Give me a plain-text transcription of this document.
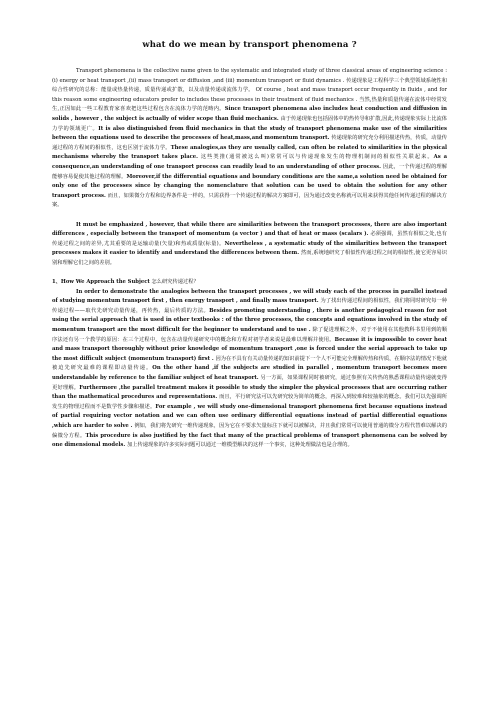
what do we mean by transport phenomena ?

Transport phenomena is the collective name given to the systematic and integrated study of three classical areas of engineering science : (i) energy or heat transport ,(ii) mass transport or diffusion ,and (iii) momentum transport or fluid dynamics . 传递现象是工程科学三个典型领域系统性和综合性研究的总称：能量或热量传递，质量传递或扩散，以及动量传递或流体力学。 Of course , heat and mass transport occur frequently in fluids , and for this reason some engineering educators prefer to includes these processes in their treatment of fluid mechanics . 当然,热量和质量传递在流体中经常发生,正因如此一些工程教育家喜欢把这些过程包含在流体力学的范畴内。Since transport phenomena also includes heat conduction and diffusion in solids , however , the subject is actually of wider scope than fluid mechanics. 由于传递现象也包括固体中的热传导和扩散,因此,传递现象实际上比流体力学的领域更广。It is also distinguished from fluid mechanics in that the study of transport phenomena make use of the similarities between the equations used to describe the processes of heat,mass,and momentum transport. 传递现象的研究充分利用描述传热，传质，动量传递过程的方程间的相似性，这也区别于流体力学。These analogies,as they are usually called, can often be related to similarities in the physical mechanisms whereby the transport takes place. 这些类推(通常被这么叫)常常可以与传递现象发生的物理机制间的相似性关联起来。As a consequence,an understanding of one transport process can readily lead to an understanding of other process. 因此，一个传递过程的理解能够容易促使其他过程的理解。Moreover,if the differential equations and boundary conditions are the same,a solution need be obtained for only one of the processes since by changing the nomenclature that solution can be used to obtain the solution for any other transport process. 而且，如果微分方程和边界条件是一样的，只需获得一个传递过程的解决方案即可，因为通过改变名称就可以用来获得其他任何传递过程的解决方案。

It must be emphasized , however, that while there are similarities between the transport processes, there are also important differences , especially between the transport of momentum (a vector ) and that of heat or mass (scalars ). 必须强调，虽然有相似之处,也有传递过程之间的差异,尤其重要的是运输动量(矢量)和热或质量(标量)。Nevertheless , a systematic study of the similarities between the transport processes makes it easier to identify and understand the differences between them. 然而,系统地研究了相似性传递过程之间的相似性,使它更容易识别和理解它们之间的差别。

1、How We Approach the Subject 怎么研究传递过程？

In order to demonstrate the analogies between the transport processes , we will study each of the process in parallel instead of studying momentum transport first , then energy transport , and finally mass transport. 为了找出传递过程间的相似性，我们将同时研究每一种传递过程——取代先研究动量传递，再传热，最后传质的方法。Besides promoting understanding , there is another pedagogical reason for not using the serial approach that is used in other textbooks : of the three processes, the concepts and equations involved in the study of momentum transport are the most difficult for the beginner to understand and to use . 除了促进理解之外，对于不使用在其他教科书里用到的顺序法还有另一个教学的原因：在三个过程中，包含在动量传递研究中的概念和方程对初学者来说是最难以理解并使用。Because it is impossible to cover heat and mass transport thoroughly without prior knowledge of momentum transport ,one is forced under the serial approach to take up the most difficult subject (momentum transport) first . 因为在不具有有关动量传递的知识前提下一个人不可能完全理解传热和传质，在顺序法的情况下他就被迫先研究最难的课程即动量传递。On the other hand ,if the subjects are studied in parallel , momentum transport becomes more understandable by reference to the familiar subject of heat transport. 另一方面，如果课程同时被研究，通过参照有关传热的熟悉课程动量传递就变得更好理解。Furthermore ,the parallel treatment makes it possible to study the simpler the physical processes that are occurring rather than the mathematical procedures and representations. 而且，平行研究法可以先研究较为简单的概念，再深入到较难和较抽象的概念。我们可以先强调所发生的物理过程而不是数学性步骤和描述。For example , we will study one-dimensional transport phenomena first because equations instead of partial requiring vector notation and we can often use ordinary differential equations instead of partial differential equations ,which are harder to solve . 例如，我们将先研究一维传递现象，因为它在不要求矢量标注下就可以被解决，并且我们常常可以使用普通的微分方程代替难以解决的偏微分方程。This procedure is also justified by the fact that many of the practical problems of transport phenomena can be solved by one dimensional models. 加上传递现象的许多实际问题可以通过一维模型解决的这样一个事实，这种处理做法也是合理的。
